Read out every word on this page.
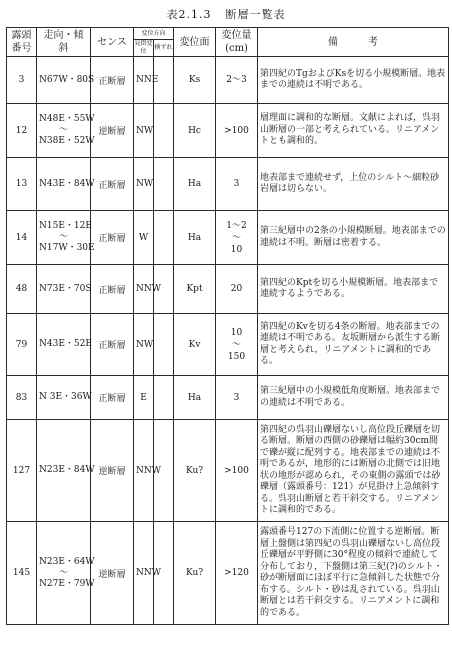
表2.1.3 断層一覧表
露頭番号	走向・傾斜	センス	変位方向		変位面	変位量
(cm)	備　　　考
			見掛変位	横ずれ			
3	N67W・80S	正断層	NNE		Ks	2〜3	第四紀のTgおよびKsを切る小規模断層。地表までの連続は不明である。
12	N48E・55W
〜
N38E・52W	逆断層	NW		Hc	>100	層理面に調和的な断層。文献によれば，呉羽山断層の一部と考えられている。リニアメントとも調和的。
13	N43E・84W	正断層	NW		Ha	3	地表部まで連続せず，上位のシルト〜細粒砂岩層は切らない。
14	N15E・12E
〜
N17W・30E	正断層	W		Ha	1〜2
〜
10	第三紀層中の2条の小規模断層。地表部までの連続は不明。断層は密着する。
48	N73E・70S	正断層	NNW		Kpt	20	第四紀のKptを切る小規模断層。地表部まで連続するようである。
79	N43E・52E	正断層	NW		Kv	10
〜
150	第四紀のKvを切る4条の断層。地表部までの連続は不明である。友坂断層から派生する断層と考えられ，リニアメントに調和的である。
83	N 3E・36W	正断層	E		Ha	3	第三紀層中の小規模低角度断層。地表部までの連続は不明である。
127	N23E・84W	逆断層	NNW		Ku?	>100	第四紀の呉羽山礫層ないし高位段丘礫層を切る断層。断層の西側の砂礫層は幅約30cm間で礫が縦に配列する。地表部までの連続は不明であるが，地形的には断層の北側では旧地状の地形が認められ，その東側の露頭では砂礫層（露頭番号：121）が見掛け上急傾斜する。呉羽山断層と若干斜交する。リニアメントに調和的である。
145	N23E・64W
〜
N27E・79W	逆断層	NNW		Ku?	>120	露頭番号127の下流側に位置する逆断層。断層上盤側は第四紀の呉羽山礫層ないし高位段丘礫層が平野側に30°程度の傾斜で連続して分布しており，下盤側は第三紀(?)のシルト・砂が断層面にほぼ平行に急傾斜した状態で分布する。シルト・砂は乱されている。呉羽山断層とは若干斜交する。リニアメントに調和的である。
